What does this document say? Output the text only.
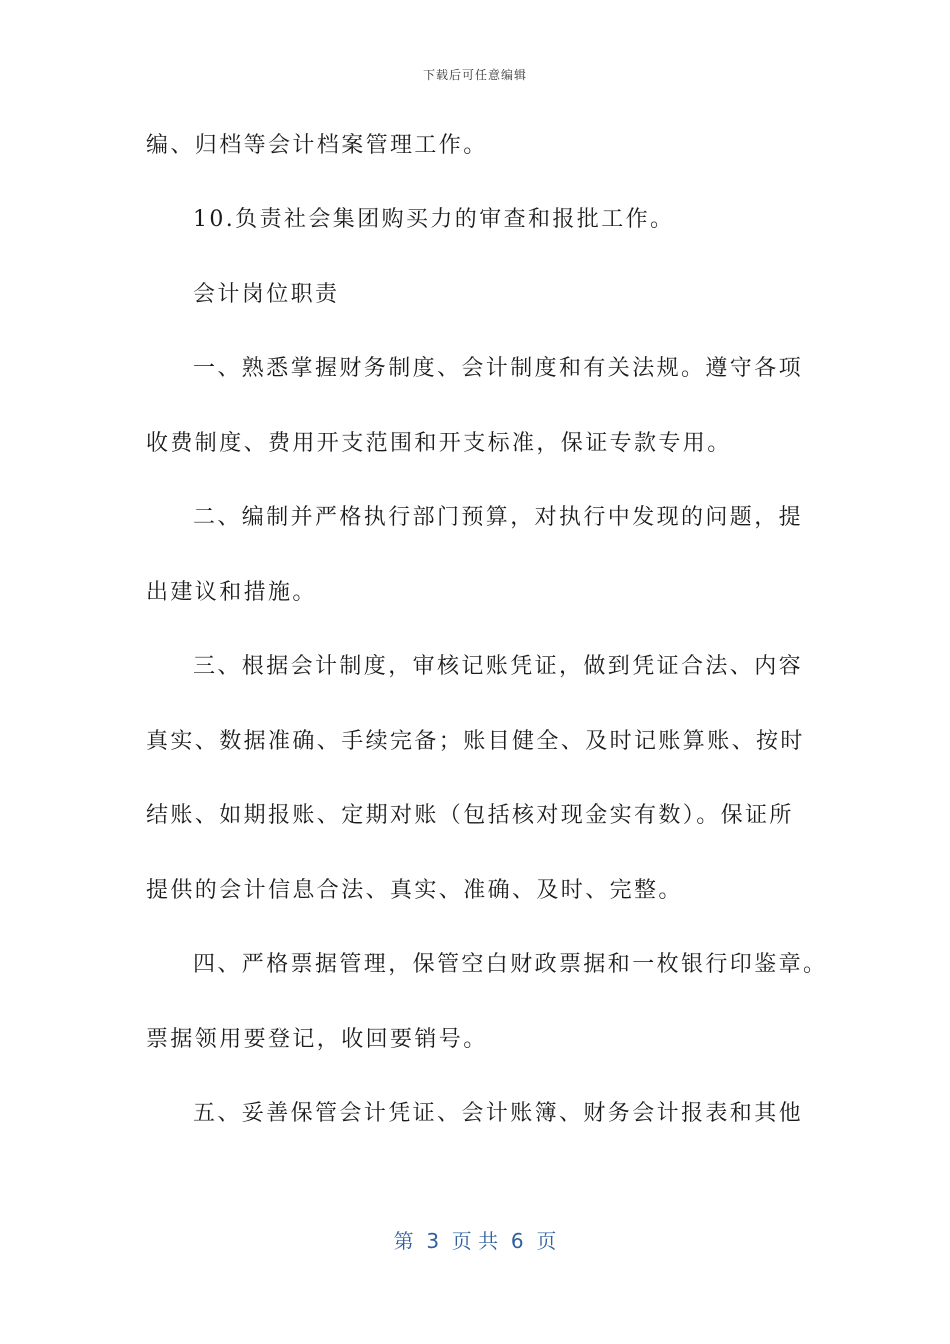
下载后可任意编辑
编、归档等会计档案管理工作。
10.负责社会集团购买力的审查和报批工作。
会计岗位职责
一、熟悉掌握财务制度、会计制度和有关法规。遵守各项
收费制度、费用开支范围和开支标准，保证专款专用。
二、编制并严格执行部门预算，对执行中发现的问题，提
出建议和措施。
三、根据会计制度，审核记账凭证，做到凭证合法、内容
真实、数据准确、手续完备；账目健全、及时记账算账、按时
结账、如期报账、定期对账（包括核对现金实有数）。保证所
提供的会计信息合法、真实、准确、及时、完整。
四、严格票据管理，保管空白财政票据和一枚银行印鉴章。
票据领用要登记，收回要销号。
五、妥善保管会计凭证、会计账簿、财务会计报表和其他
第  3  页 共  6  页
